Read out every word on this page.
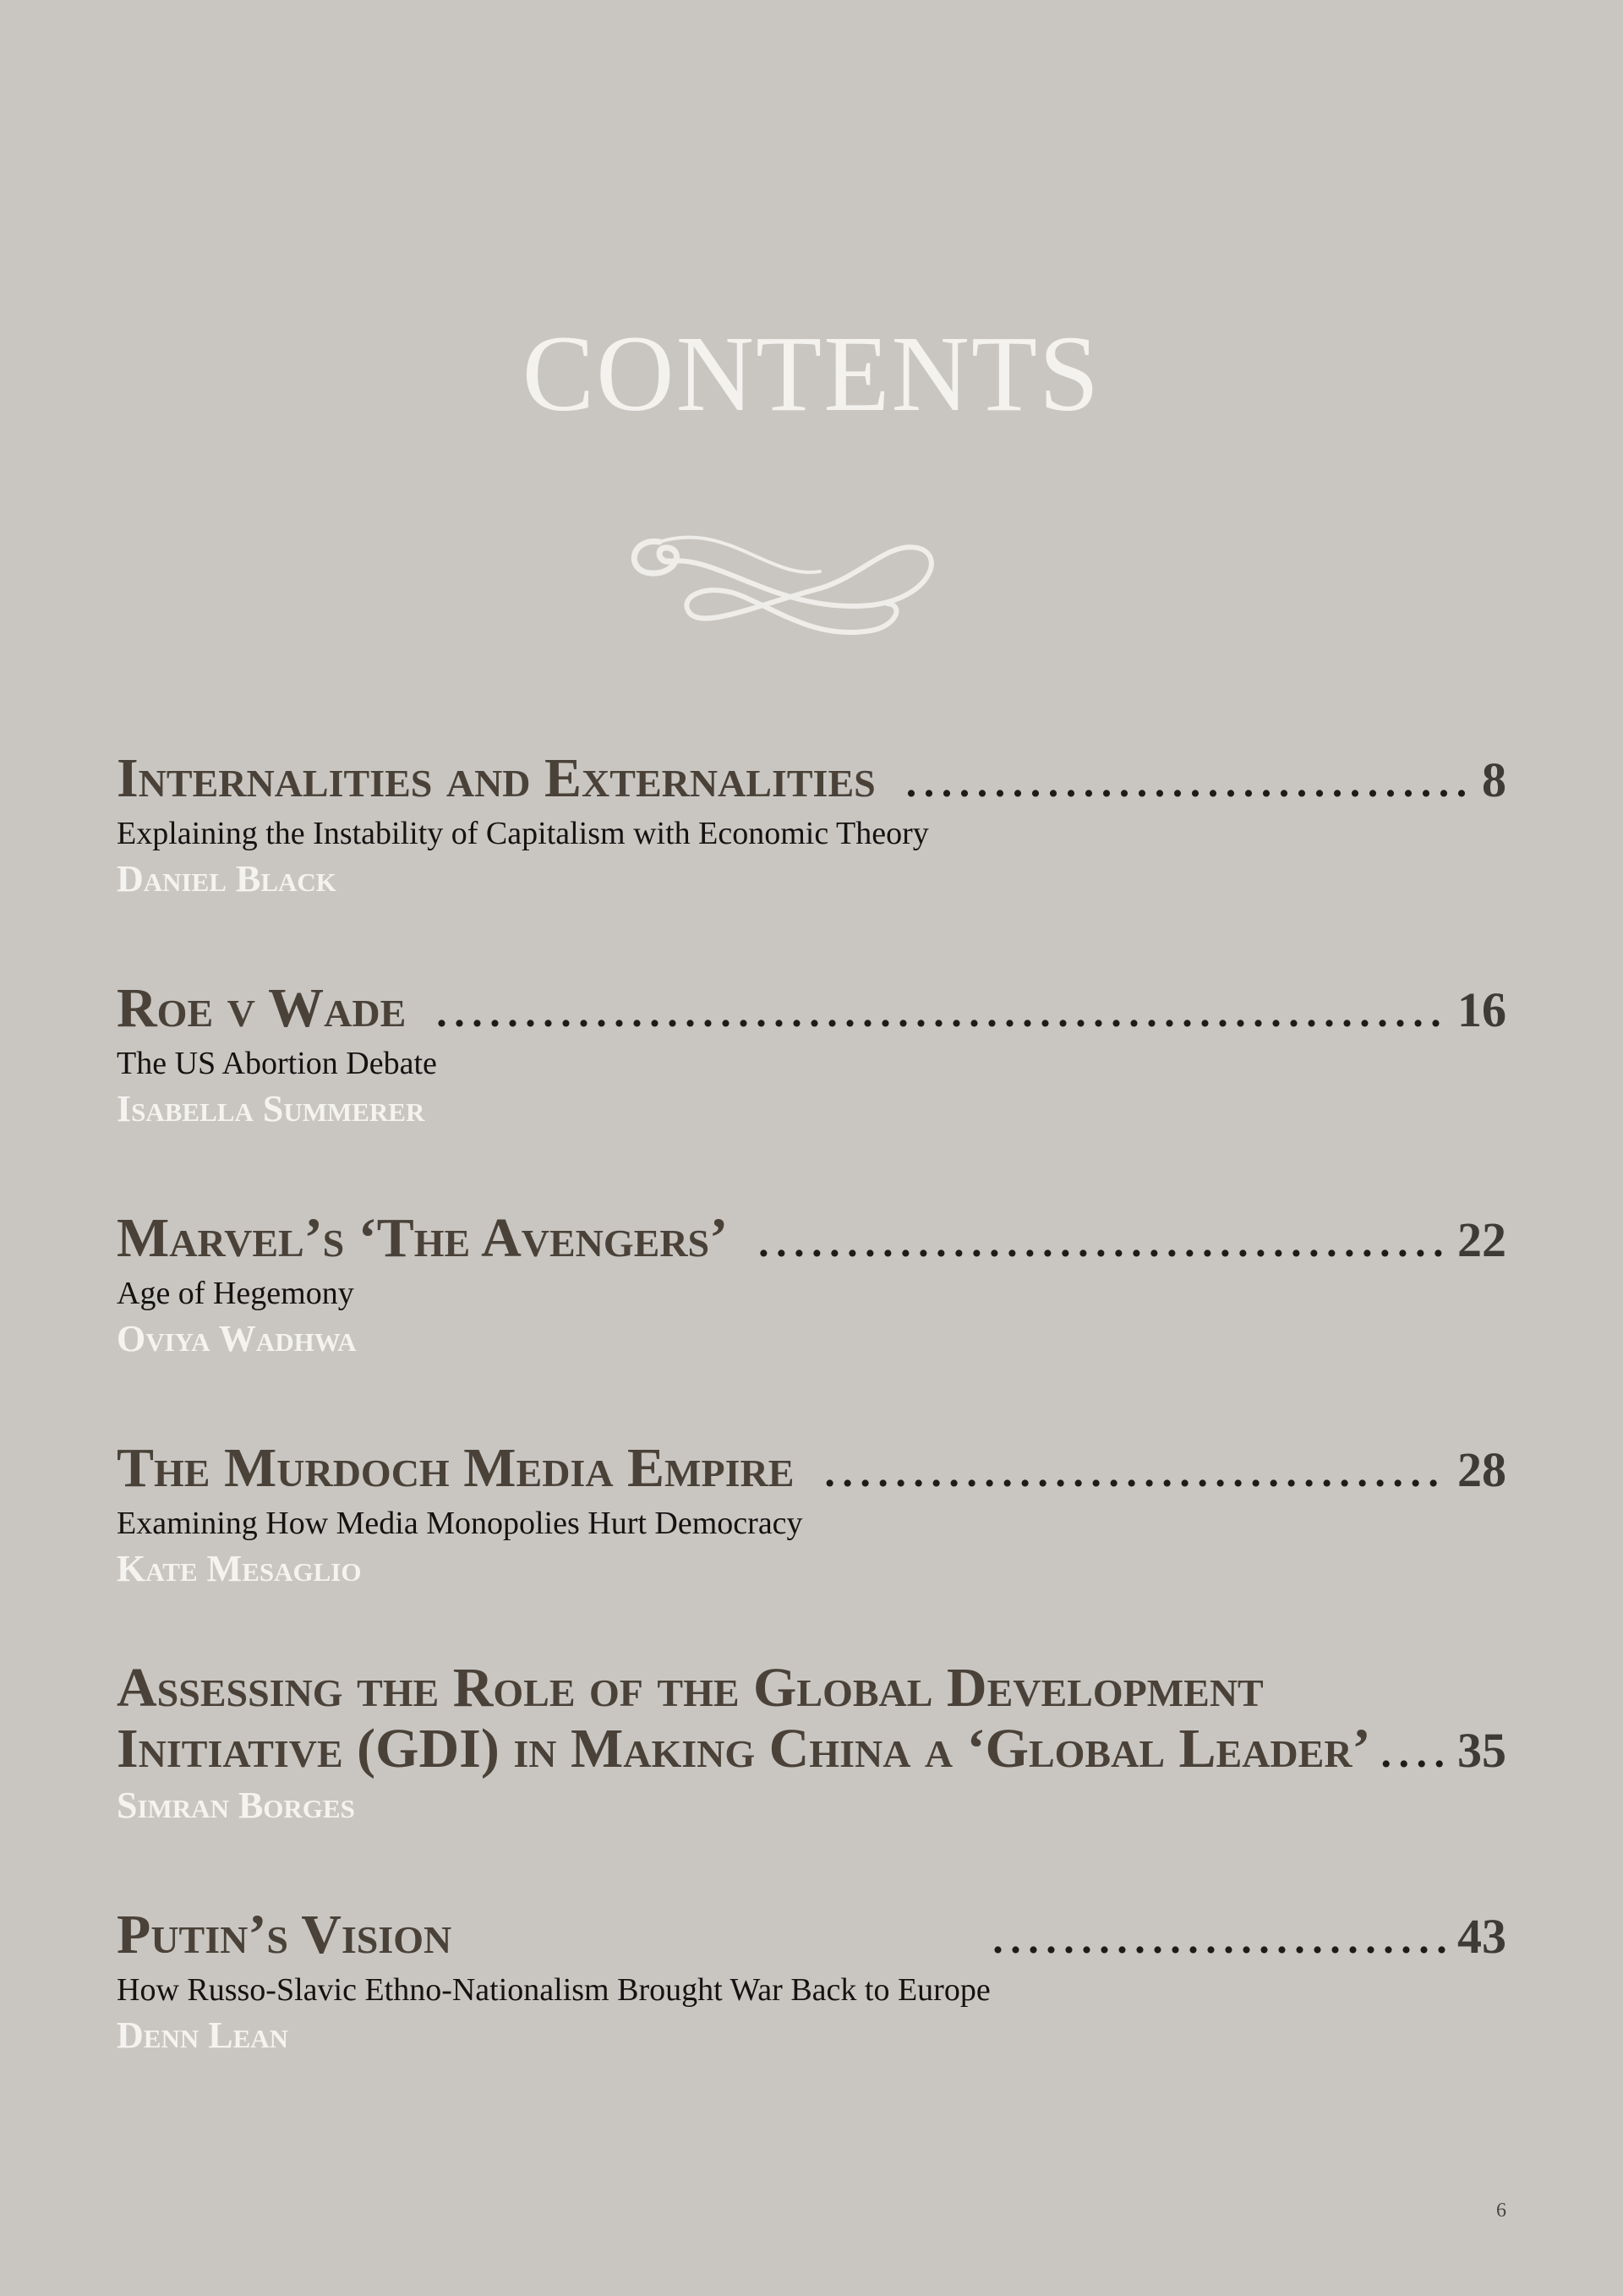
CONTENTS
Internalities and Externalities . . .	8
Explaining the Instability of Capitalism with Economic Theory
Daniel Black
Roe v Wade . . .	16
The US Abortion Debate
Isabella Summerer
Marvel’s ‘The Avengers’ . . .	22
Age of Hegemony
Oviya Wadhwa
The Murdoch Media Empire . . .	28
Examining How Media Monopolies Hurt Democracy
Kate Mesaglio
Assessing the Role of the Global Development
Initiative (GDI) in Making China a ‘Global Leader’ . . . 35
Simran Borges
Putin’s Vision . . .	43
How Russo-Slavic Ethno-Nationalism Brought War Back to Europe
Denn Lean
6
